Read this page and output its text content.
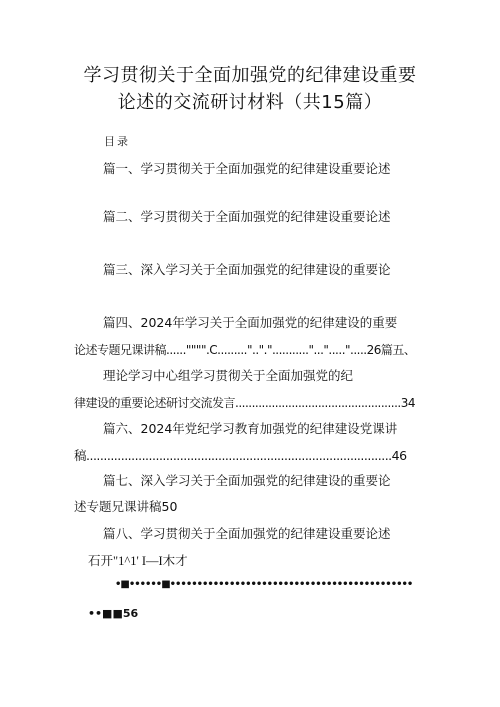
学习贯彻关于全面加强党的纪律建设重要
论述的交流研讨材料（共15篇）
目录
篇一、学习贯彻关于全面加强党的纪律建设重要论述
篇二、学习贯彻关于全面加强党的纪律建设重要论述
篇三、深入学习关于全面加强党的纪律建设的重要论
篇四、2024年学习关于全面加强党的纪律建设的重要
论述专题兄课讲稿......"""".C.........".."."..........."...".....".....26篇五、
理论学习中心组学习贯彻关于全面加强党的纪
律建设的重要论述研讨交流发言..................................................34
篇六、2024年党纪学习教育加强党的纪律建设党课讲
稿........................................................................................46
篇七、深入学习关于全面加强党的纪律建设的重要论
述专题兄课讲稿50
篇八、学习贯彻关于全面加强党的纪律建设重要论述
石开"1^1' I—I木才
•■••••••■•••••••••••••••••••••••••••••••••••••••••••••
••■■56
